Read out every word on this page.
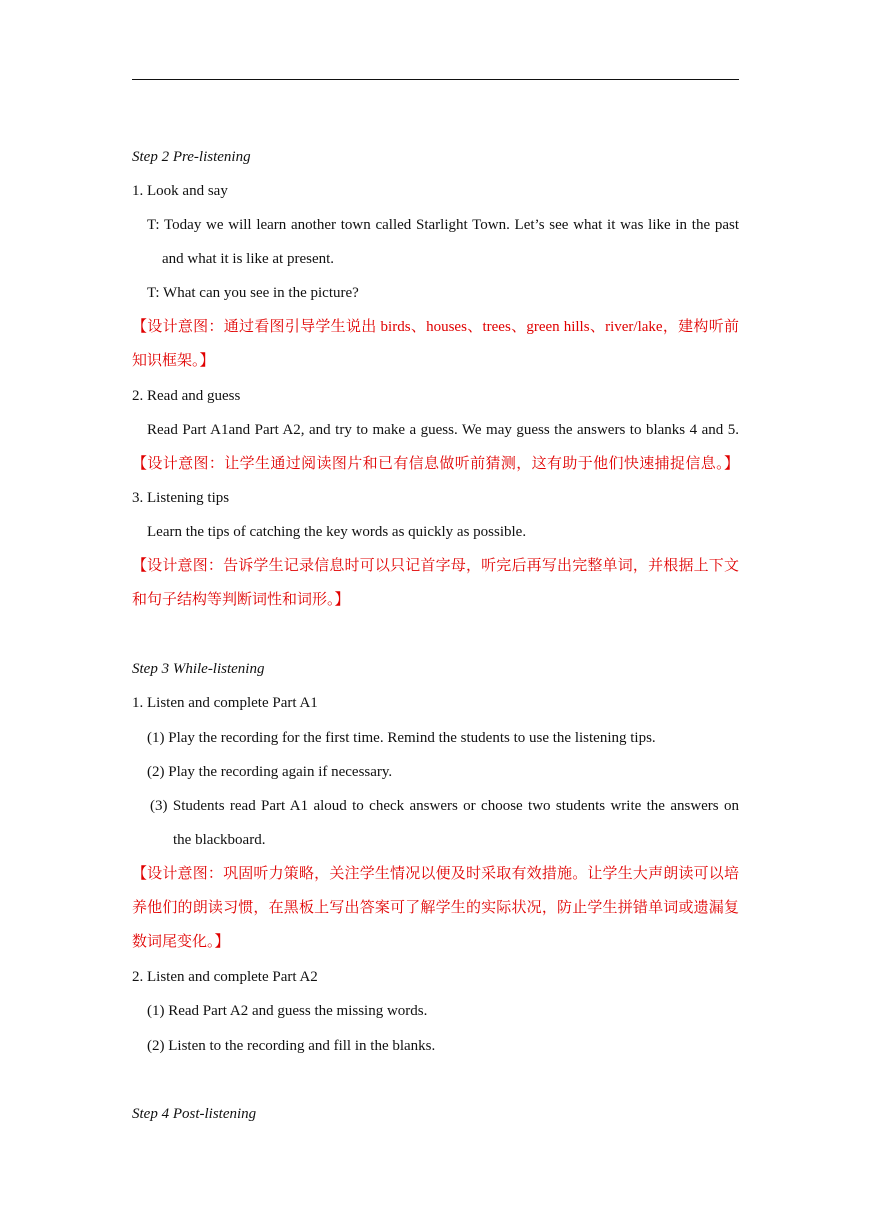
Step 2 Pre-listening
1. Look and say
T: Today we will learn another town called Starlight Town. Let’s see what it was like in the past
and what it is like at present.
T: What can you see in the picture?
【设计意图：通过看图引导学生说出 birds、houses、trees、green hills、river/lake，建构听前
知识框架。】
2. Read and guess
Read Part A1and Part A2, and try to make a guess. We may guess the answers to blanks 4 and 5.
【设计意图：让学生通过阅读图片和已有信息做听前猜测，这有助于他们快速捕捉信息。】
3. Listening tips
Learn the tips of catching the key words as quickly as possible.
【设计意图：告诉学生记录信息时可以只记首字母，听完后再写出完整单词，并根据上下文
和句子结构等判断词性和词形。】
Step 3 While-listening
1. Listen and complete Part A1
(1) Play the recording for the first time. Remind the students to use the listening tips.
(2) Play the recording again if necessary.
(3) Students read Part A1 aloud to check answers or choose two students write the answers on
the blackboard.
【设计意图：巩固听力策略，关注学生情况以便及时采取有效措施。让学生大声朗读可以培
养他们的朗读习惯，在黑板上写出答案可了解学生的实际状况，防止学生拼错单词或遗漏复
数词尾变化。】
2. Listen and complete Part A2
(1) Read Part A2 and guess the missing words.
(2) Listen to the recording and fill in the blanks.
Step 4 Post-listening
